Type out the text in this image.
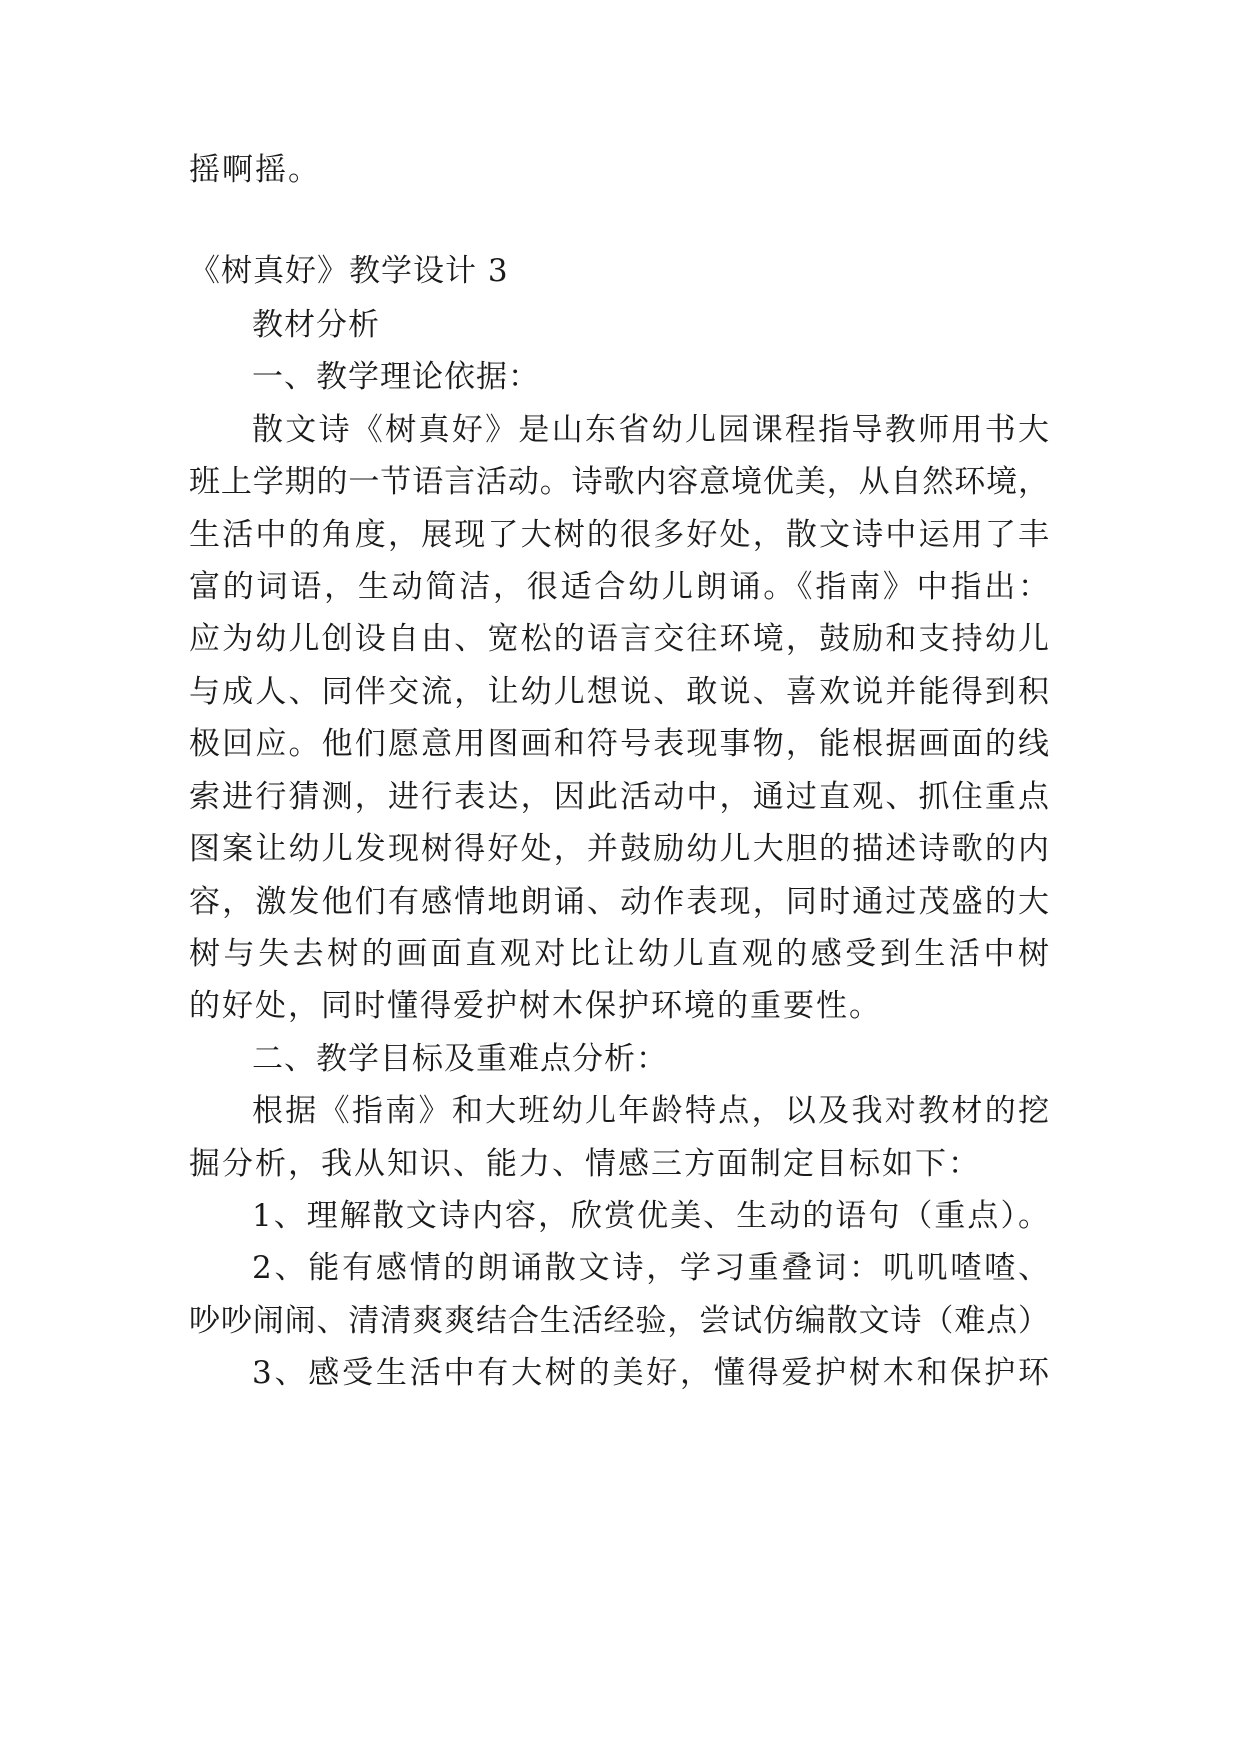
摇啊摇。
《树真好》教学设计 3
教材分析
一、教学理论依据：
散文诗《树真好》是山东省幼儿园课程指导教师用书大
班上学期的一节语言活动。诗歌内容意境优美，从自然环境，
生活中的角度，展现了大树的很多好处，散文诗中运用了丰
富的词语，生动简洁，很适合幼儿朗诵。《指南》中指出：
应为幼儿创设自由、宽松的语言交往环境，鼓励和支持幼儿
与成人、同伴交流，让幼儿想说、敢说、喜欢说并能得到积
极回应。他们愿意用图画和符号表现事物，能根据画面的线
索进行猜测，进行表达，因此活动中，通过直观、抓住重点
图案让幼儿发现树得好处，并鼓励幼儿大胆的描述诗歌的内
容，激发他们有感情地朗诵、动作表现，同时通过茂盛的大
树与失去树的画面直观对比让幼儿直观的感受到生活中树
的好处，同时懂得爱护树木保护环境的重要性。
二、教学目标及重难点分析：
根据《指南》和大班幼儿年龄特点，以及我对教材的挖
掘分析，我从知识、能力、情感三方面制定目标如下：
1、理解散文诗内容，欣赏优美、生动的语句（重点）。
2、能有感情的朗诵散文诗，学习重叠词：叽叽喳喳、
吵吵闹闹、清清爽爽结合生活经验，尝试仿编散文诗（难点）
3、感受生活中有大树的美好，懂得爱护树木和保护环
